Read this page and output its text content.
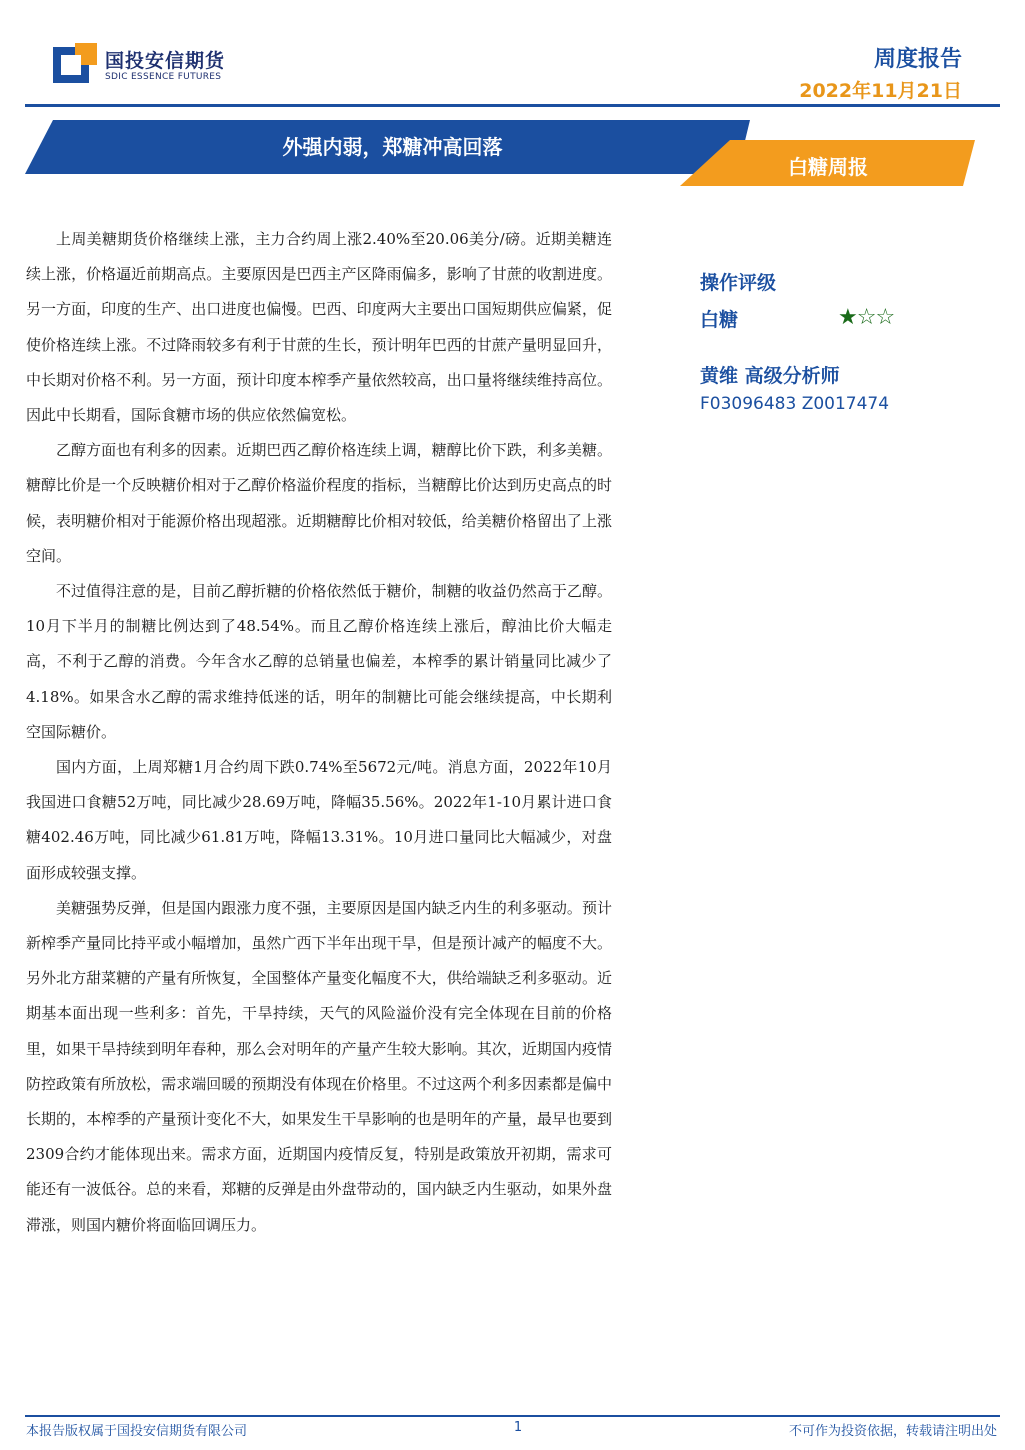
国投安信期货
SDIC ESSENCE FUTURES
周度报告
2022年11月21日
外强内弱，郑糖冲高回落
白糖周报

上周美糖期货价格继续上涨，主力合约周上涨2.40%至20.06美分/磅。近期美糖连续上涨，价格逼近前期高点。主要原因是巴西主产区降雨偏多，影响了甘蔗的收割进度。另一方面，印度的生产、出口进度也偏慢。巴西、印度两大主要出口国短期供应偏紧，促使价格连续上涨。不过降雨较多有利于甘蔗的生长，预计明年巴西的甘蔗产量明显回升，中长期对价格不利。另一方面，预计印度本榨季产量依然较高，出口量将继续维持高位。因此中长期看，国际食糖市场的供应依然偏宽松。

乙醇方面也有利多的因素。近期巴西乙醇价格连续上调，糖醇比价下跌，利多美糖。糖醇比价是一个反映糖价相对于乙醇价格溢价程度的指标，当糖醇比价达到历史高点的时候，表明糖价相对于能源价格出现超涨。近期糖醇比价相对较低，给美糖价格留出了上涨空间。

不过值得注意的是，目前乙醇折糖的价格依然低于糖价，制糖的收益仍然高于乙醇。10月下半月的制糖比例达到了48.54%。而且乙醇价格连续上涨后，醇油比价大幅走高，不利于乙醇的消费。今年含水乙醇的总销量也偏差，本榨季的累计销量同比减少了4.18%。如果含水乙醇的需求维持低迷的话，明年的制糖比可能会继续提高，中长期利空国际糖价。

国内方面，上周郑糖1月合约周下跌0.74%至5672元/吨。消息方面，2022年10月我国进口食糖52万吨，同比减少28.69万吨，降幅35.56%。2022年1-10月累计进口食糖402.46万吨，同比减少61.81万吨，降幅13.31%。10月进口量同比大幅减少，对盘面形成较强支撑。

美糖强势反弹，但是国内跟涨力度不强，主要原因是国内缺乏内生的利多驱动。预计新榨季产量同比持平或小幅增加，虽然广西下半年出现干旱，但是预计减产的幅度不大。另外北方甜菜糖的产量有所恢复，全国整体产量变化幅度不大，供给端缺乏利多驱动。近期基本面出现一些利多：首先，干旱持续，天气的风险溢价没有完全体现在目前的价格里，如果干旱持续到明年春种，那么会对明年的产量产生较大影响。其次，近期国内疫情防控政策有所放松，需求端回暖的预期没有体现在价格里。不过这两个利多因素都是偏中长期的，本榨季的产量预计变化不大，如果发生干旱影响的也是明年的产量，最早也要到2309合约才能体现出来。需求方面，近期国内疫情反复，特别是政策放开初期，需求可能还有一波低谷。总的来看，郑糖的反弹是由外盘带动的，国内缺乏内生驱动，如果外盘滞涨，则国内糖价将面临回调压力。

操作评级
白糖	★☆☆
黄维 高级分析师
F03096483 Z0017474
本报告版权属于国投安信期货有限公司	1	不可作为投资依据，转载请注明出处
